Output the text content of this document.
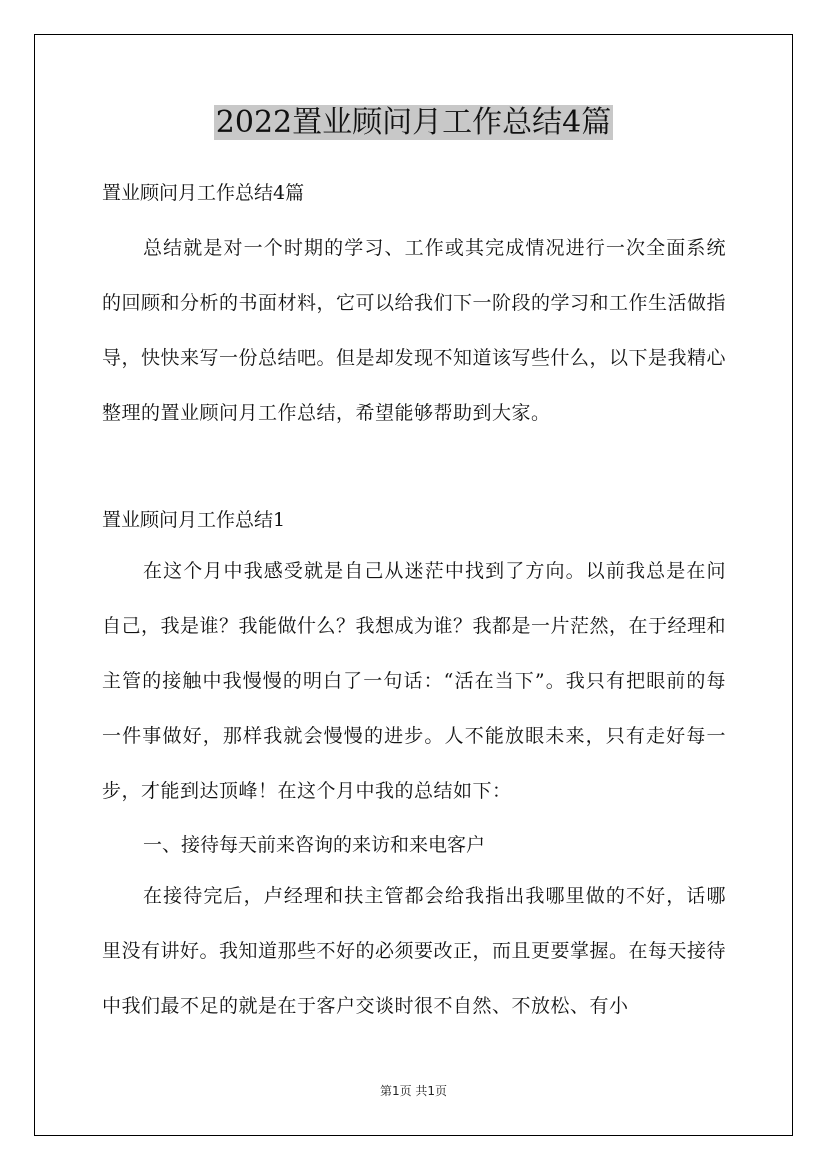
2022置业顾问月工作总结4篇

置业顾问月工作总结4篇

总结就是对一个时期的学习、工作或其完成情况进行一次全面系统的回顾和分析的书面材料，它可以给我们下一阶段的学习和工作生活做指导，快快来写一份总结吧。但是却发现不知道该写些什么，以下是我精心整理的置业顾问月工作总结，希望能够帮助到大家。

置业顾问月工作总结1

在这个月中我感受就是自己从迷茫中找到了方向。以前我总是在问自己，我是谁？我能做什么？我想成为谁？我都是一片茫然，在于经理和主管的接触中我慢慢的明白了一句话：“活在当下”。我只有把眼前的每一件事做好，那样我就会慢慢的进步。人不能放眼未来，只有走好每一步，才能到达顶峰！在这个月中我的总结如下：

一、接待每天前来咨询的来访和来电客户

在接待完后，卢经理和扶主管都会给我指出我哪里做的不好，话哪里没有讲好。我知道那些不好的必须要改正，而且更要掌握。在每天接待中我们最不足的就是在于客户交谈时很不自然、不放松、有小

第1页 共1页
